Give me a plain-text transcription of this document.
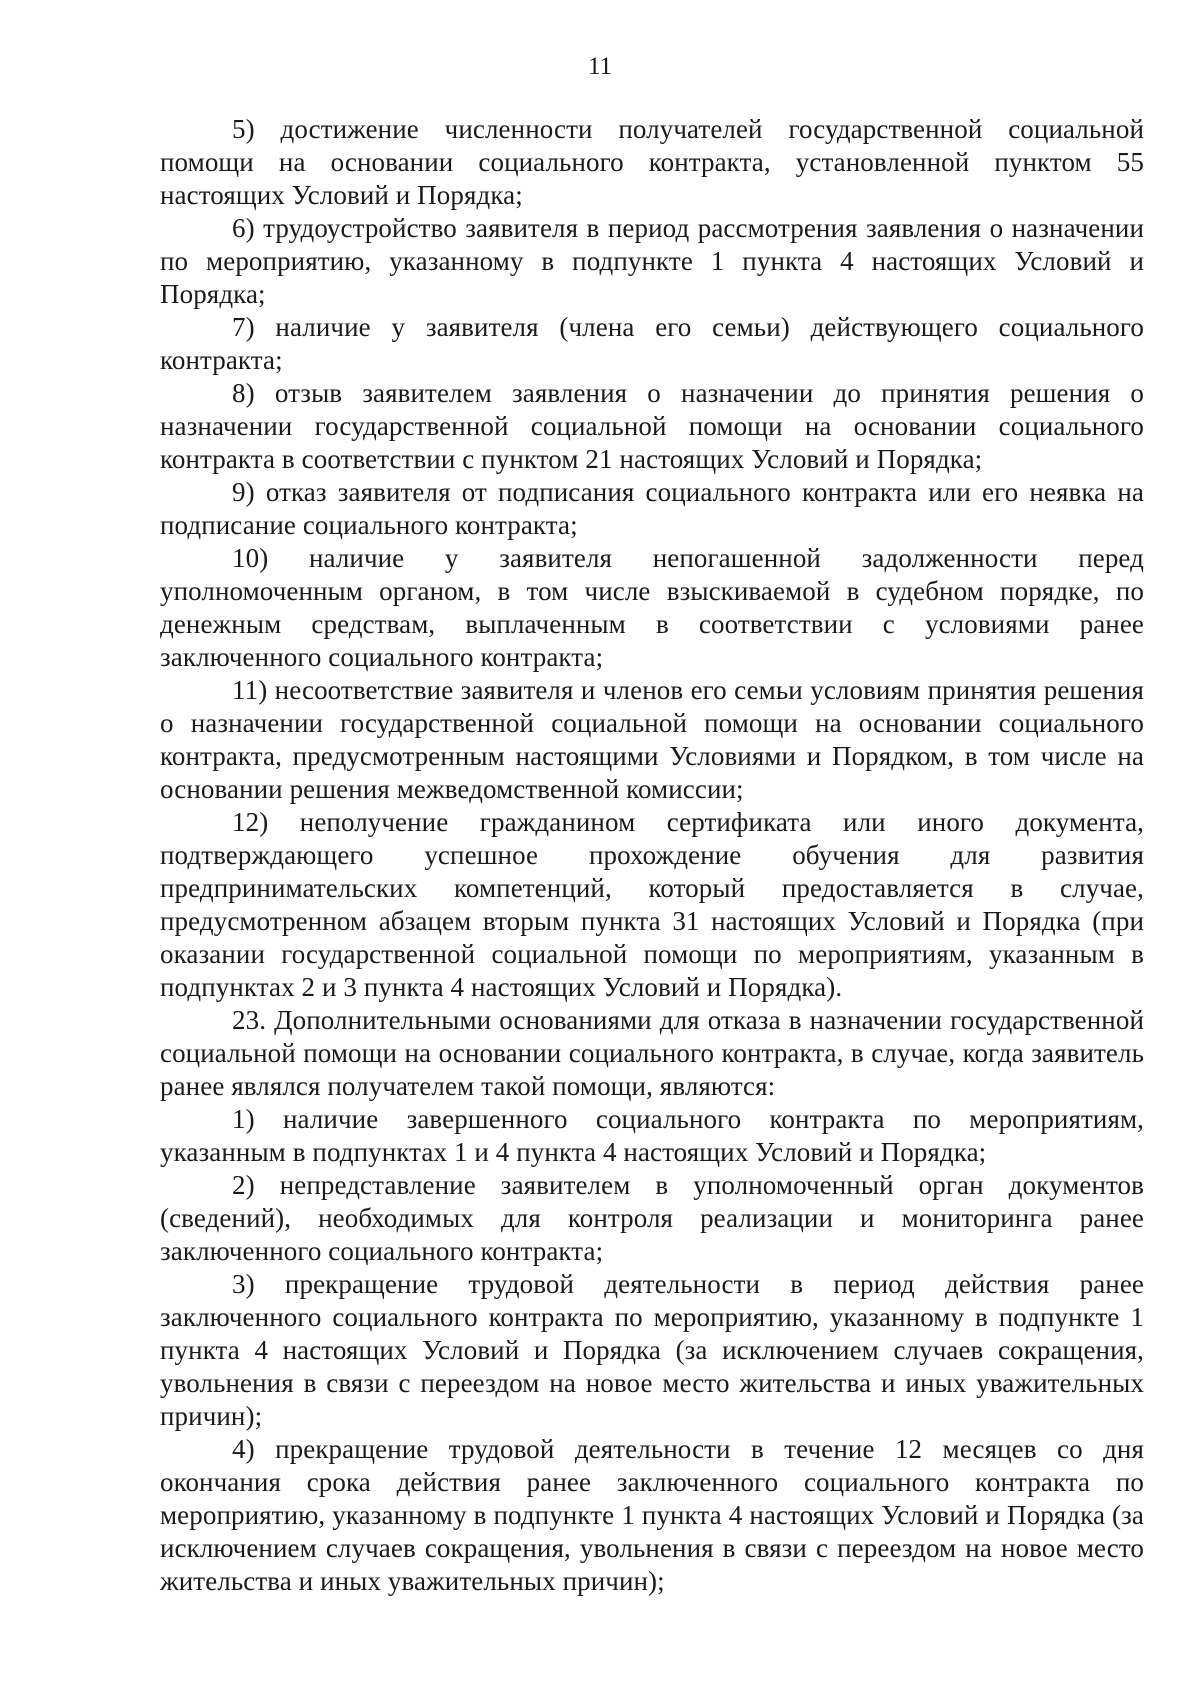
11

5) достижение численности получателей государственной социальной помощи на основании социального контракта, установленной пунктом 55 настоящих Условий и Порядка;

6) трудоустройство заявителя в период рассмотрения заявления о назначении по мероприятию, указанному в подпункте 1 пункта 4 настоящих Условий и Порядка;

7) наличие у заявителя (члена его семьи) действующего социального контракта;

8) отзыв заявителем заявления о назначении до принятия решения о назначении государственной социальной помощи на основании социального контракта в соответствии с пунктом 21 настоящих Условий и Порядка;

9) отказ заявителя от подписания социального контракта или его неявка на подписание социального контракта;

10) наличие у заявителя непогашенной задолженности перед уполномоченным органом, в том числе взыскиваемой в судебном порядке, по денежным средствам, выплаченным в соответствии с условиями ранее заключенного социального контракта;

11) несоответствие заявителя и членов его семьи условиям принятия решения о назначении государственной социальной помощи на основании социального контракта, предусмотренным настоящими Условиями и Порядком, в том числе на основании решения межведомственной комиссии;

12) неполучение гражданином сертификата или иного документа, подтверждающего успешное прохождение обучения для развития предпринимательских компетенций, который предоставляется в случае, предусмотренном абзацем вторым пункта 31 настоящих Условий и Порядка (при оказании государственной социальной помощи по мероприятиям, указанным в подпунктах 2 и 3 пункта 4 настоящих Условий и Порядка).

23. Дополнительными основаниями для отказа в назначении государственной социальной помощи на основании социального контракта, в случае, когда заявитель ранее являлся получателем такой помощи, являются:

1) наличие завершенного социального контракта по мероприятиям, указанным в подпунктах 1 и 4 пункта 4 настоящих Условий и Порядка;

2) непредставление заявителем в уполномоченный орган документов (сведений), необходимых для контроля реализации и мониторинга ранее заключенного социального контракта;

3) прекращение трудовой деятельности в период действия ранее заключенного социального контракта по мероприятию, указанному в подпункте 1 пункта 4 настоящих Условий и Порядка (за исключением случаев сокращения, увольнения в связи с переездом на новое место жительства и иных уважительных причин);

4) прекращение трудовой деятельности в течение 12 месяцев со дня окончания срока действия ранее заключенного социального контракта по мероприятию, указанному в подпункте 1 пункта 4 настоящих Условий и Порядка (за исключением случаев сокращения, увольнения в связи с переездом на новое место жительства и иных уважительных причин);
